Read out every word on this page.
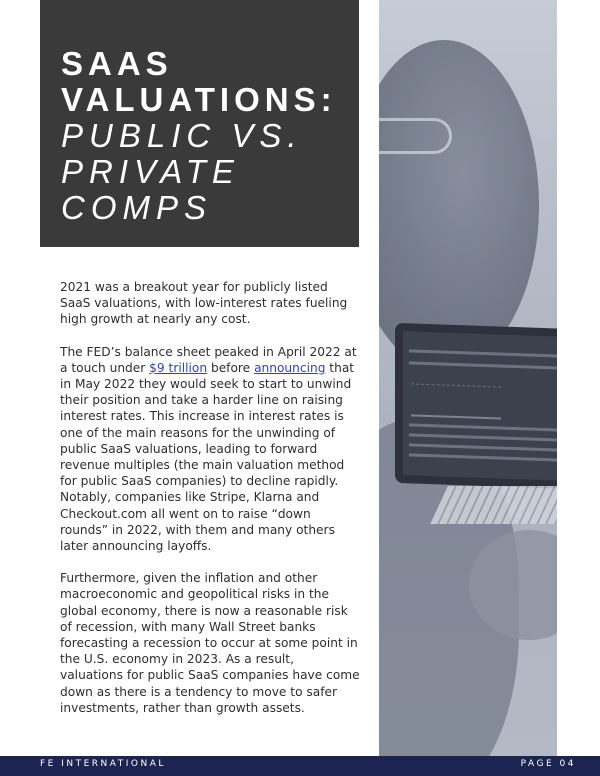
SAAS
VALUATIONS:
PUBLIC VS.
PRIVATE
COMPS

2021 was a breakout year for publicly listed SaaS valuations, with low-interest rates fueling high growth at nearly any cost.

The FED’s balance sheet peaked in April 2022 at a touch under $9 trillion before announcing that in May 2022 they would seek to start to unwind their position and take a harder line on raising interest rates. This increase in interest rates is one of the main reasons for the unwinding of public SaaS valuations, leading to forward revenue multiples (the main valuation method for public SaaS companies) to decline rapidly. Notably, companies like Stripe, Klarna and Checkout.com all went on to raise “down rounds” in 2022, with them and many others later announcing layoffs.

Furthermore, given the inflation and other macroeconomic and geopolitical risks in the global economy, there is now a reasonable risk of recession, with many Wall Street banks forecasting a recession to occur at some point in the U.S. economy in 2023. As a result, valuations for public SaaS companies have come down as there is a tendency to move to safer investments, rather than growth assets.

FE INTERNATIONAL	PAGE 04
